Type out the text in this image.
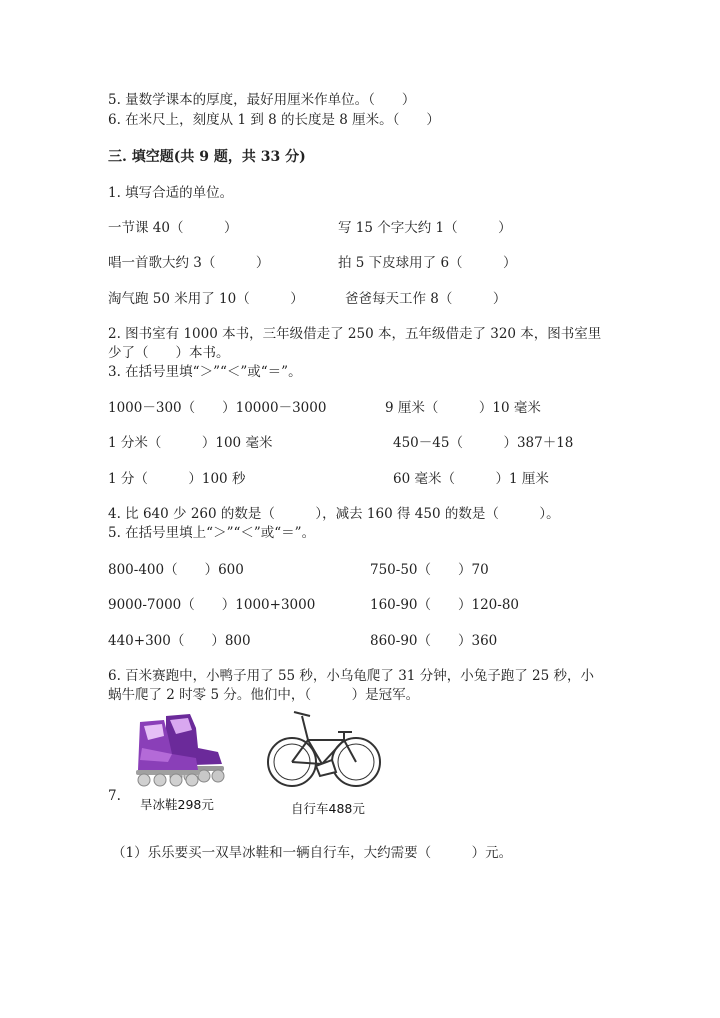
5. 量数学课本的厚度，最好用厘米作单位。（　　）
6. 在米尺上，刻度从 1 到 8 的长度是 8 厘米。（　　）
三. 填空题(共 9 题，共 33 分)
1. 填写合适的单位。
一节课 40（　　　）	写 15 个字大约 1（　　　）
唱一首歌大约 3（　　　）	拍 5 下皮球用了 6（　　　）
淘气跑 50 米用了 10（　　　）	爸爸每天工作 8（　　　）
2. 图书室有 1000 本书，三年级借走了 250 本，五年级借走了 320 本，图书室里
少了（　　）本书。
3. 在括号里填“＞”“＜”或“＝”。
1000－300（　　）10000－3000	9 厘米（　　　）10 毫米
1 分米（　　　）100 毫米	450－45（　　　）387＋18
1 分（　　　）100 秒	60 毫米（　　　）1 厘米
4. 比 640 少 260 的数是（　　　），减去 160 得 450 的数是（　　　）。
5. 在括号里填上“＞”“＜”或“＝”。
800-400（　　）600	750-50（　　）70
9000-7000（　　）1000+3000	160-90（　　）120-80
440+300（　　）800	860-90（　　）360
6. 百米赛跑中，小鸭子用了 55 秒，小乌龟爬了 31 分钟，小兔子跑了 25 秒，小
蜗牛爬了 2 时零 5 分。他们中，（　　　）是冠军。
7.
旱冰鞋298元	自行车488元
（1）乐乐要买一双旱冰鞋和一辆自行车，大约需要（　　　）元。
